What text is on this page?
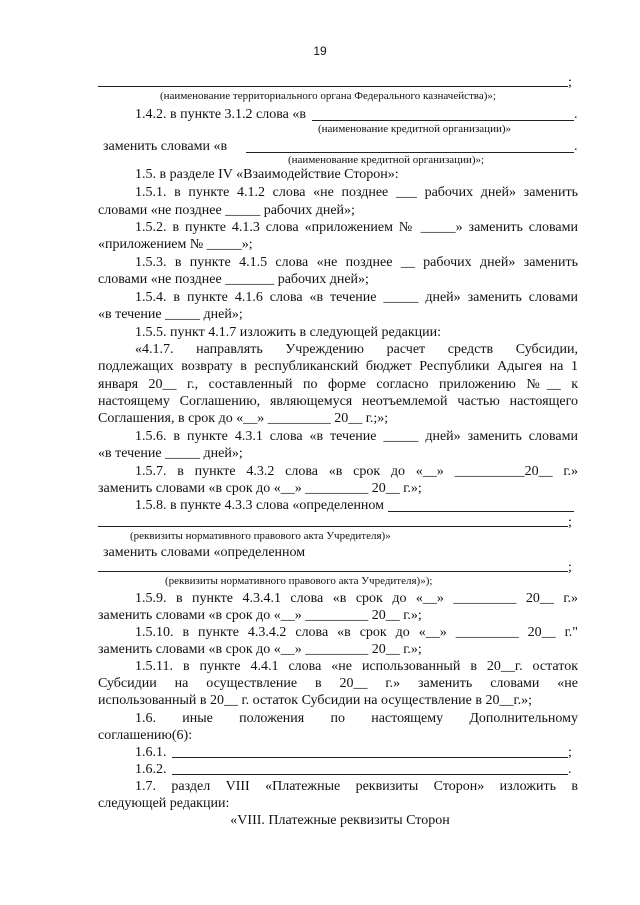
19
;
(наименование территориального органа Федерального казначейства)»;
1.4.2. в пункте 3.1.2 слова «в	.
(наименование кредитной организации)»
заменить словами «в	.
(наименование кредитной организации)»;
1.5. в разделе IV «Взаимодействие Сторон»:
1.5.1. в пункте 4.1.2 слова «не позднее ___ рабочих дней» заменить
словами «не позднее _____ рабочих дней»;
1.5.2. в пункте 4.1.3 слова «приложением № _____» заменить словами
«приложением № _____»;
1.5.3. в пункте 4.1.5 слова «не позднее __ рабочих дней» заменить
словами «не позднее _______ рабочих дней»;
1.5.4. в пункте 4.1.6 слова «в течение _____ дней» заменить словами
«в течение _____ дней»;
1.5.5. пункт 4.1.7 изложить в следующей редакции:
«4.1.7. направлять Учреждению расчет средств Субсидии,
подлежащих возврату в республиканский бюджет Республики Адыгея на 1
января 20__ г., составленный по форме согласно приложению №__ к
настоящему Соглашению, являющемуся неотъемлемой частью настоящего
Соглашения, в срок до «__» _________ 20__ г.;»;
1.5.6. в пункте 4.3.1 слова «в течение _____ дней» заменить словами
«в течение _____ дней»;
1.5.7. в пункте 4.3.2 слова «в срок до «__» __________20__ г.»
заменить словами «в срок до «__» _________ 20__ г.»;
1.5.8. в пункте 4.3.3 слова «определенном
;
(реквизиты нормативного правового акта Учредителя)»
заменить словами «определенном
;
(реквизиты нормативного правового акта Учредителя)»);
1.5.9. в пункте 4.3.4.1 слова «в срок до «__» _________ 20__ г.»
заменить словами «в срок до «__» _________ 20__ г.»;
1.5.10. в пункте 4.3.4.2 слова «в срок до «__» _________ 20__ г."
заменить словами «в срок до «__» _________ 20__ г.»;
1.5.11. в пункте 4.4.1 слова «не использованный в 20__г. остаток
Субсидии на осуществление в 20__ г.» заменить словами «не
использованный в 20__ г. остаток Субсидии на осуществление в 20__г.»;
1.6. иные положения по настоящему Дополнительному
соглашению(6):
1.6.1.	;
1.6.2.	.
1.7. раздел VIII «Платежные реквизиты Сторон» изложить в
следующей редакции:
«VIII. Платежные реквизиты Сторон
